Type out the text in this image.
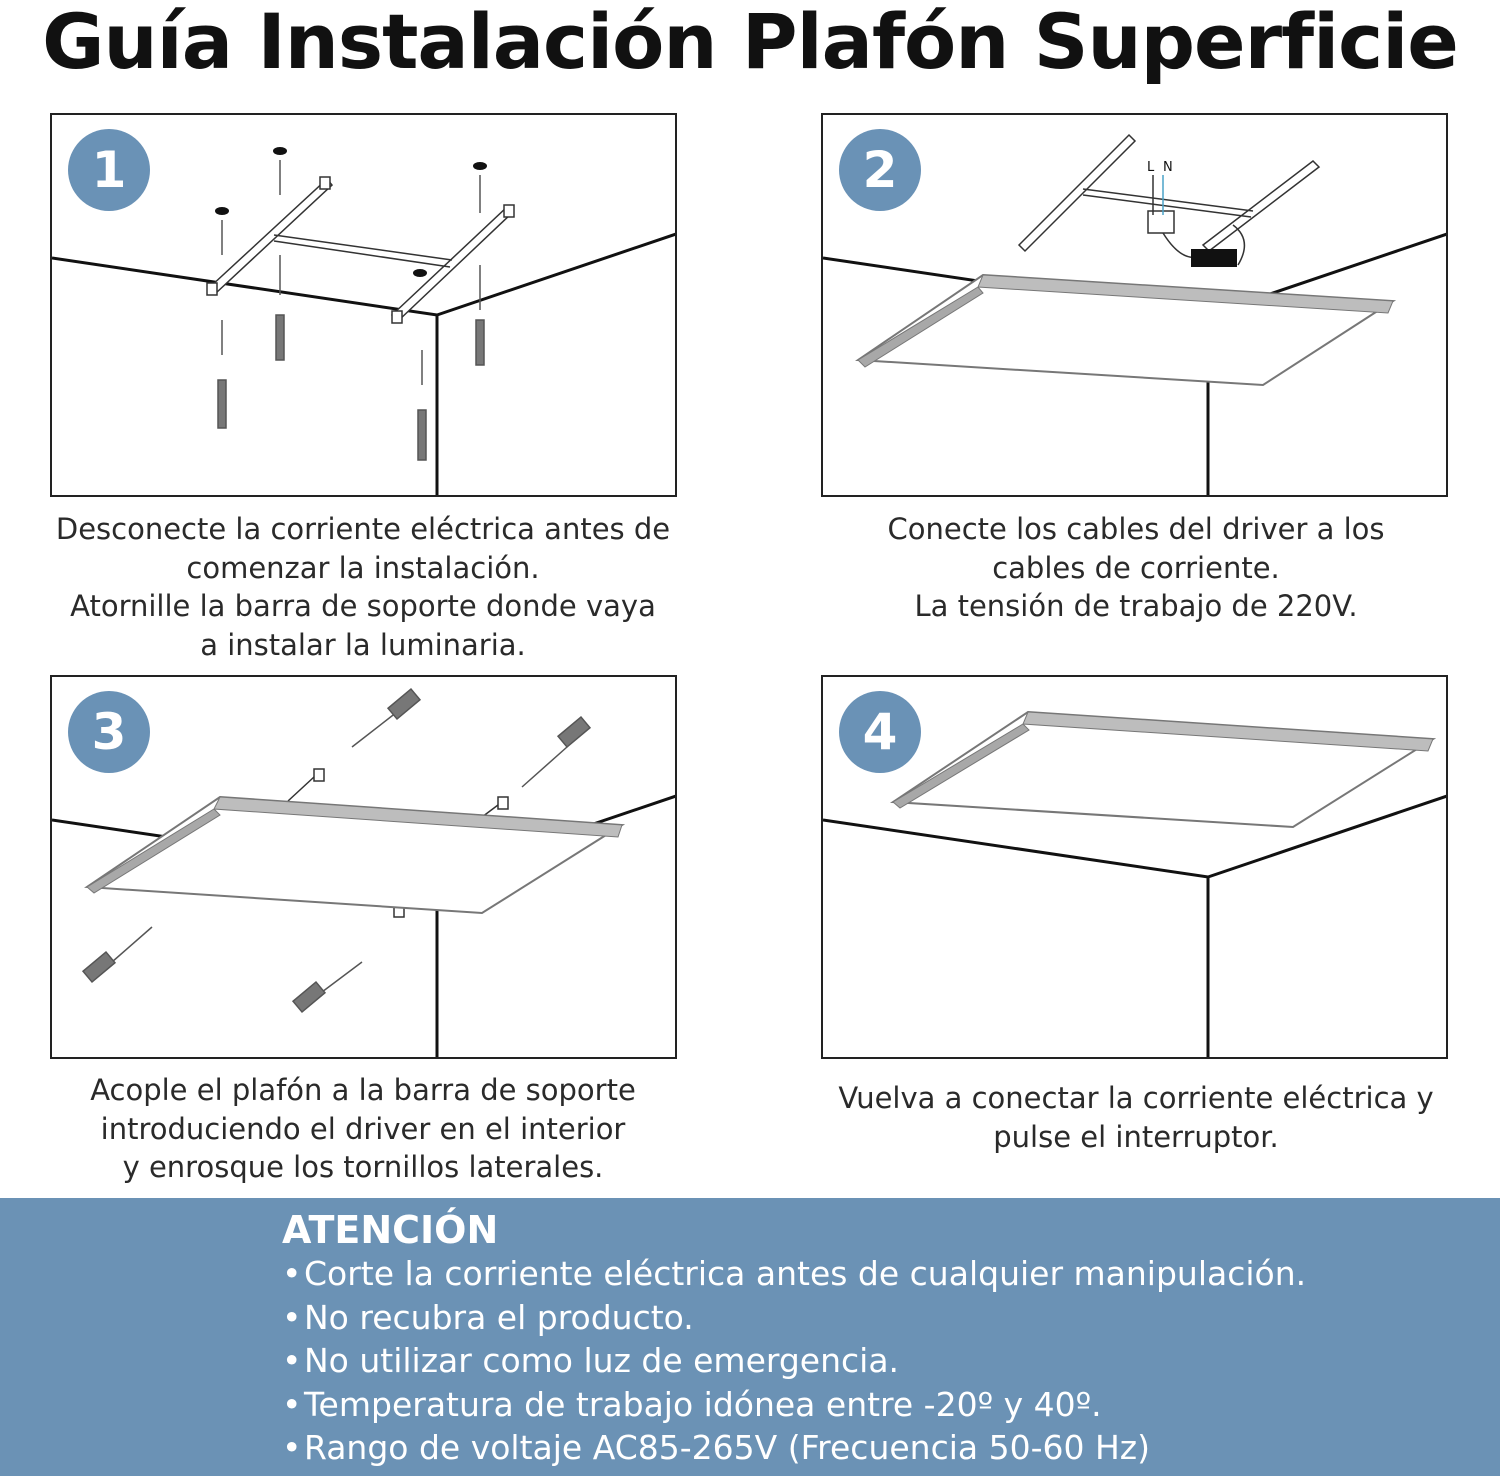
Guía Instalación Plafón Superficie
1
Desconecte la corriente eléctrica antes de
comenzar la instalación.
Atornille la barra de soporte donde vaya
a instalar la luminaria.
2	L N
Conecte los cables del driver a los
cables de corriente.
La tensión de trabajo de 220V.
3
Acople el plafón a la barra de soporte
introduciendo el driver en el interior
y enrosque los tornillos laterales.
4
Vuelva a conectar la corriente eléctrica y
pulse el interruptor.
ATENCIÓN
•Corte la corriente eléctrica antes de cualquier manipulación.
•No recubra el producto.
•No utilizar como luz de emergencia.
•Temperatura de trabajo idónea entre -20º y 40º.
•Rango de voltaje AC85-265V (Frecuencia 50-60 Hz)
